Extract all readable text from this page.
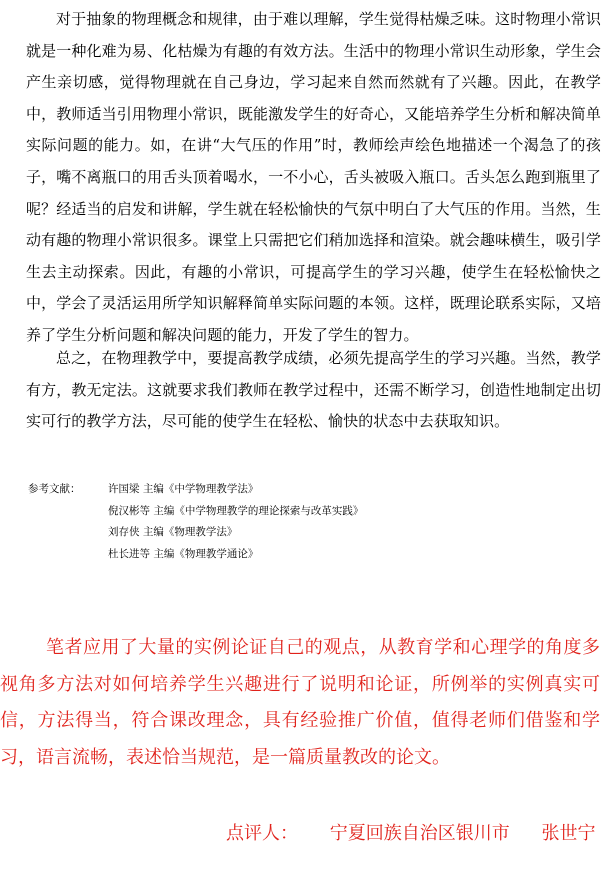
对于抽象的物理概念和规律，由于难以理解，学生觉得枯燥乏味。这时物理小常识就是一种化难为易、化枯燥为有趣的有效方法。生活中的物理小常识生动形象，学生会产生亲切感，觉得物理就在自己身边，学习起来自然而然就有了兴趣。因此，在教学中，教师适当引用物理小常识，既能激发学生的好奇心，又能培养学生分析和解决简单实际问题的能力。如，在讲“大气压的作用”时，教师绘声绘色地描述一个渴急了的孩子，嘴不离瓶口的用舌头顶着喝水，一不小心，舌头被吸入瓶口。舌头怎么跑到瓶里了呢？经适当的启发和讲解，学生就在轻松愉快的气氛中明白了大气压的作用。当然，生动有趣的物理小常识很多。课堂上只需把它们稍加选择和渲染。就会趣味横生，吸引学生去主动探索。因此，有趣的小常识，可提高学生的学习兴趣，使学生在轻松愉快之中，学会了灵活运用所学知识解释简单实际问题的本领。这样，既理论联系实际，又培养了学生分析问题和解决问题的能力，开发了学生的智力。

总之，在物理教学中，要提高教学成绩，必须先提高学生的学习兴趣。当然，教学有方，教无定法。这就要求我们教师在教学过程中，还需不断学习，创造性地制定出切实可行的教学方法，尽可能的使学生在轻松、愉快的状态中去获取知识。

参考文献：	许国梁 主编《中学物理教学法》
倪汉彬等 主编《中学物理教学的理论探索与改革实践》
刘存侠 主编《物理教学法》
杜长进等 主编《物理教学通论》

笔者应用了大量的实例论证自己的观点，从教育学和心理学的角度多视角多方法对如何培养学生兴趣进行了说明和论证，所例举的实例真实可信，方法得当，符合课改理念，具有经验推广价值，值得老师们借鉴和学习，语言流畅，表述恰当规范，是一篇质量教改的论文。

点评人： 宁夏回族自治区银川市 张世宁
